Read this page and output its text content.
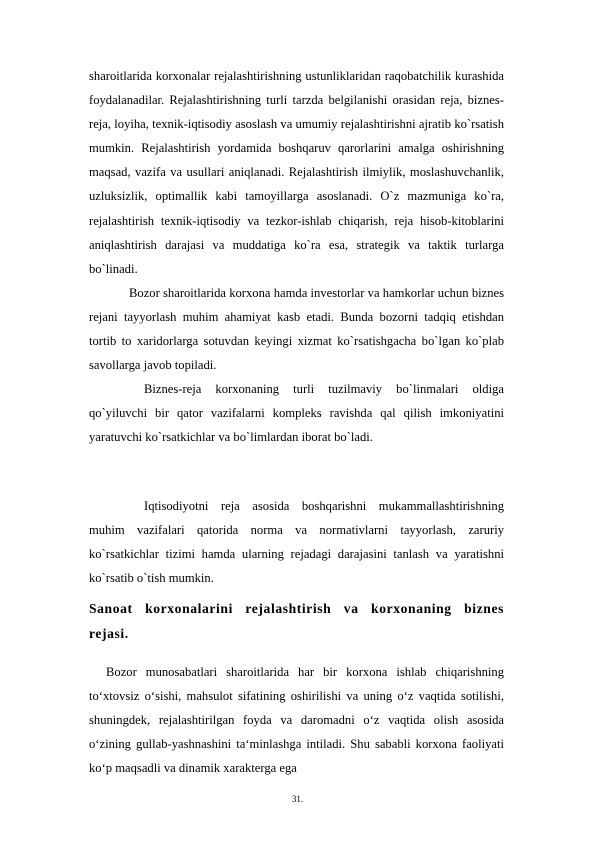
sharoitlarida korxonalar rejalashtirishning ustunliklaridan raqobatchilik kurashida foydalanadilar. Rejalashtirishning turli tarzda belgilanishi orasidan reja, biznes-reja, loyiha, texnik-iqtisodiy asoslash va umumiy rejalashtirishni ajratib ko`rsatish mumkin. Rejalashtirish yordamida boshqaruv qarorlarini amalga oshirishning maqsad, vazifa va usullari aniqlanadi. Rejalashtirish ilmiylik, moslashuvchanlik, uzluksizlik, optimallik kabi tamoyillarga asoslanadi. O`z mazmuniga ko`ra, rejalashtirish texnik-iqtisodiy va tezkor-ishlab chiqarish, reja hisob-kitoblarini aniqlashtirish darajasi va muddatiga ko`ra esa, strategik va taktik turlarga bo`linadi.
Bozor sharoitlarida korxona hamda investorlar va hamkorlar uchun biznes rejani tayyorlash muhim ahamiyat kasb etadi. Bunda bozorni tadqiq etishdan tortib to xaridorlarga sotuvdan keyingi xizmat ko`rsatishgacha bo`lgan ko`plab savollarga javob topiladi.
Biznes-reja korxonaning turli tuzilmaviy bo`linmalari oldiga qo`yiluvchi bir qator vazifalarni kompleks ravishda qal qilish imkoniyatini yaratuvchi ko`rsatkichlar va bo`limlardan iborat bo`ladi.
Iqtisodiyotni reja asosida boshqarishni mukammallashtirishning muhim vazifalari qatorida norma va normativlarni tayyorlash, zaruriy ko`rsatkichlar tizimi hamda ularning rejadagi darajasini tanlash va yaratishni ko`rsatib o`tish mumkin.
Sanoat korxonalarini rejalashtirish va korxonaning biznes rejasi.
Bozor munosabatlari sharoitlarida har bir korxona ishlab chiqarishning to‘xtovsiz o‘sishi, mahsulot sifatining oshirilishi va uning o‘z vaqtida sotilishi, shuningdek, rejalashtirilgan foyda va daromadni o‘z vaqtida olish asosida o‘zining gullab-yashnashini ta‘minlashga intiladi. Shu sababli korxona faoliyati ko‘p maqsadli va dinamik xarakterga ega
31.
